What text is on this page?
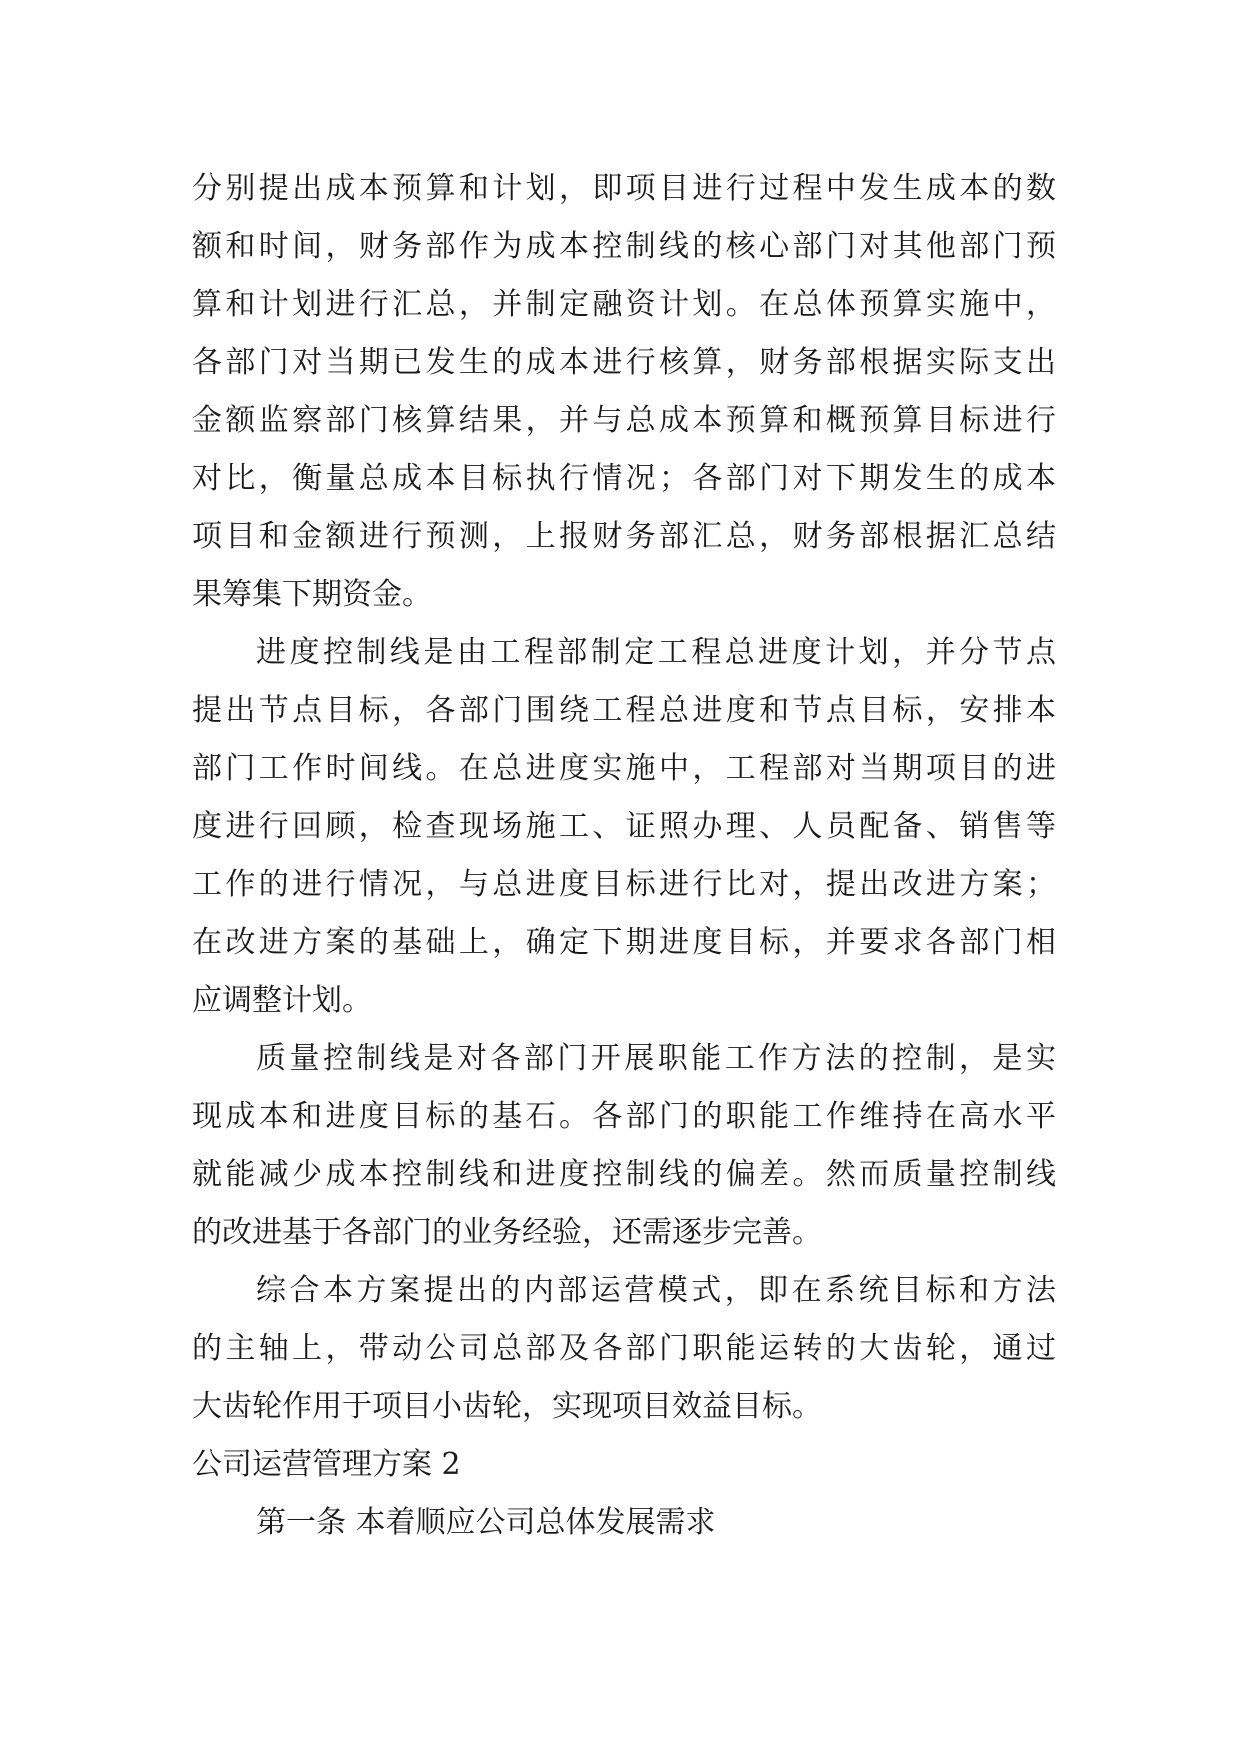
分别提出成本预算和计划，即项目进行过程中发生成本的数
额和时间，财务部作为成本控制线的核心部门对其他部门预
算和计划进行汇总，并制定融资计划。在总体预算实施中，
各部门对当期已发生的成本进行核算，财务部根据实际支出
金额监察部门核算结果，并与总成本预算和概预算目标进行
对比，衡量总成本目标执行情况；各部门对下期发生的成本
项目和金额进行预测，上报财务部汇总，财务部根据汇总结
果筹集下期资金。
进度控制线是由工程部制定工程总进度计划，并分节点
提出节点目标，各部门围绕工程总进度和节点目标，安排本
部门工作时间线。在总进度实施中，工程部对当期项目的进
度进行回顾，检查现场施工、证照办理、人员配备、销售等
工作的进行情况，与总进度目标进行比对，提出改进方案；
在改进方案的基础上，确定下期进度目标，并要求各部门相
应调整计划。
质量控制线是对各部门开展职能工作方法的控制，是实
现成本和进度目标的基石。各部门的职能工作维持在高水平
就能减少成本控制线和进度控制线的偏差。然而质量控制线
的改进基于各部门的业务经验，还需逐步完善。
综合本方案提出的内部运营模式，即在系统目标和方法
的主轴上，带动公司总部及各部门职能运转的大齿轮，通过
大齿轮作用于项目小齿轮，实现项目效益目标。
公司运营管理方案 2
第一条 本着顺应公司总体发展需求
